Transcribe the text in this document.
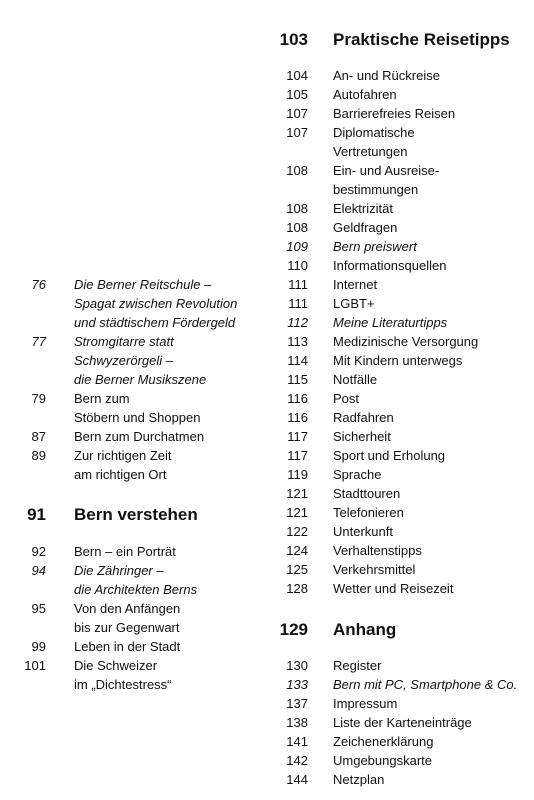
76 Die Berner Reitschule –
Spagat zwischen Revolution
und städtischem Fördergeld
77 Stromgitarre statt
Schwyzerörgeli –
die Berner Musikszene
79 Bern zum
Stöbern und Shoppen
87 Bern zum Durchatmen
89 Zur richtigen Zeit
am richtigen Ort
91 Bern verstehen
92 Bern – ein Porträt
94 Die Zähringer –
die Architekten Berns
95 Von den Anfängen
bis zur Gegenwart
99 Leben in der Stadt
101 Die Schweizer
im „Dichtestress“
103 Praktische Reisetipps
104 An- und Rückreise
105 Autofahren
107 Barrierefreies Reisen
107 Diplomatische
Vertretungen
108 Ein- und Ausreise-
bestimmungen
108 Elektrizität
108 Geldfragen
109 Bern preiswert
110 Informationsquellen
111 Internet
111 LGBT+
112 Meine Literaturtipps
113 Medizinische Versorgung
114 Mit Kindern unterwegs
115 Notfälle
116 Post
116 Radfahren
117 Sicherheit
117 Sport und Erholung
119 Sprache
121 Stadttouren
121 Telefonieren
122 Unterkunft
124 Verhaltenstipps
125 Verkehrsmittel
128 Wetter und Reisezeit
129 Anhang
130 Register
133 Bern mit PC, Smartphone & Co.
137 Impressum
138 Liste der Karteneinträge
141 Zeichenerklärung
142 Umgebungskarte
144 Netzplan
